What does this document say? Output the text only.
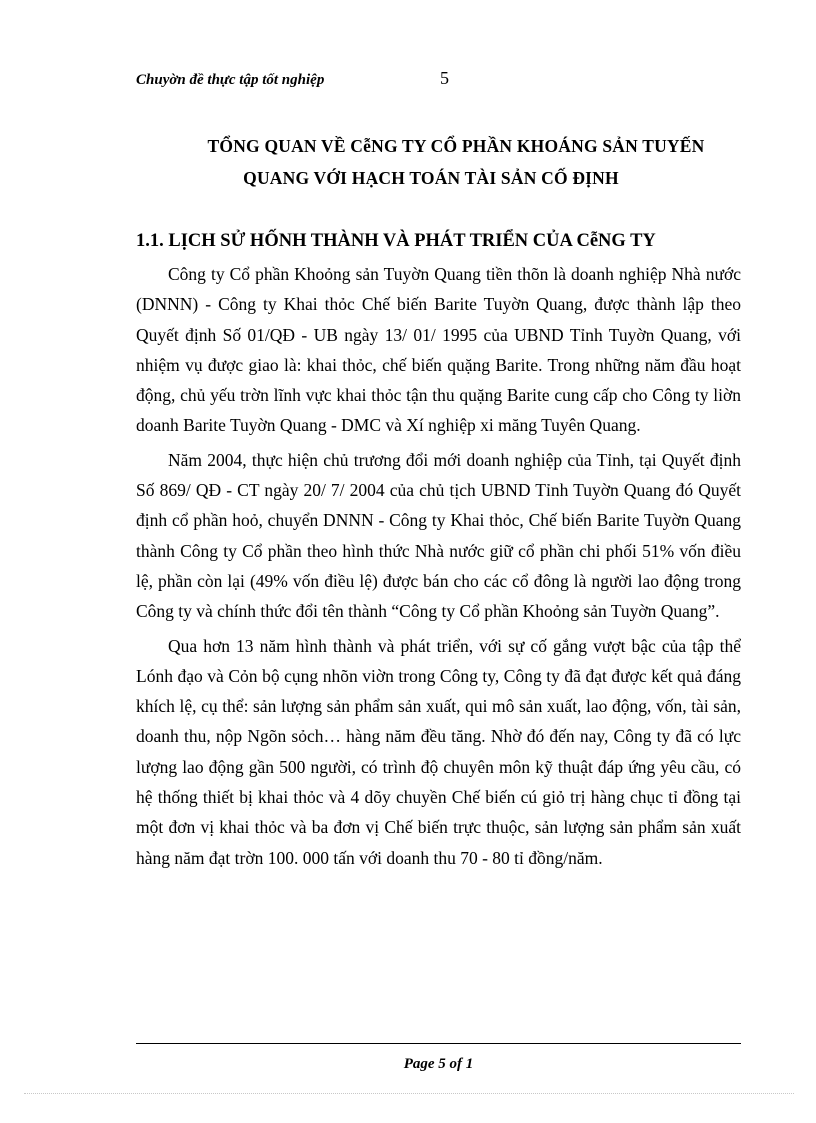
Chuyờn đề thực tập tốt nghiệp	5
TỔNG QUAN VỀ CễNG TY CỔ PHẦN KHOÁNG SẢN TUYẾN
QUANG VỚI HẠCH TOÁN TÀI SẢN CỐ ĐỊNH
1.1. LỊCH SỬ HỐNH THÀNH VÀ PHÁT TRIỂN CỦA CễNG TY

Công ty Cổ phần Khoỏng sản Tuyờn Quang tiền thõn là doanh nghiệp Nhà nước (DNNN) - Công ty Khai thỏc Chế biến Barite Tuyờn Quang, được thành lập theo Quyết định Số 01/QĐ - UB ngày 13/ 01/ 1995 của UBND Tỉnh Tuyờn Quang, với nhiệm vụ được giao là: khai thỏc, chế biến quặng Barite. Trong những năm đầu hoạt động, chủ yếu trờn lĩnh vực khai thỏc tận thu quặng Barite cung cấp cho Công ty liờn doanh Barite Tuyờn Quang - DMC và Xí nghiệp xi măng Tuyên Quang.

Năm 2004, thực hiện chủ trương đổi mới doanh nghiệp của Tỉnh, tại Quyết định Số 869/ QĐ - CT ngày 20/ 7/ 2004 của chủ tịch UBND Tỉnh Tuyờn Quang đó Quyết định cổ phần hoỏ, chuyển DNNN - Công ty Khai thỏc, Chế biến Barite Tuyờn Quang thành Công ty Cổ phần theo hình thức Nhà nước giữ cổ phần chi phối 51% vốn điều lệ, phần còn lại (49% vốn điều lệ) được bán cho các cổ đông là người lao động trong Công ty và chính thức đổi tên thành “Công ty Cổ phần Khoỏng sản Tuyờn Quang”.

Qua hơn 13 năm hình thành và phát triển, với sự cố gắng vượt bậc của tập thể Lónh đạo và Cỏn bộ cụng nhõn viờn trong Công ty, Công ty đã đạt được kết quả đáng khích lệ, cụ thể: sản lượng sản phẩm sản xuất, qui mô sản xuất, lao động, vốn, tài sản, doanh thu, nộp Ngõn sỏch… hàng năm đều tăng. Nhờ đó đến nay, Công ty đã có lực lượng lao động gần 500 người, có trình độ chuyên môn kỹ thuật đáp ứng yêu cầu, có hệ thống thiết bị khai thỏc và 4 dõy chuyền Chế biến cú giỏ trị hàng chục tỉ đồng tại một đơn vị khai thỏc và ba đơn vị Chế biến trực thuộc, sản lượng sản phẩm sản xuất hàng năm đạt trờn 100. 000 tấn với doanh thu 70 - 80 tỉ đồng/năm.

Page 5 of 1
